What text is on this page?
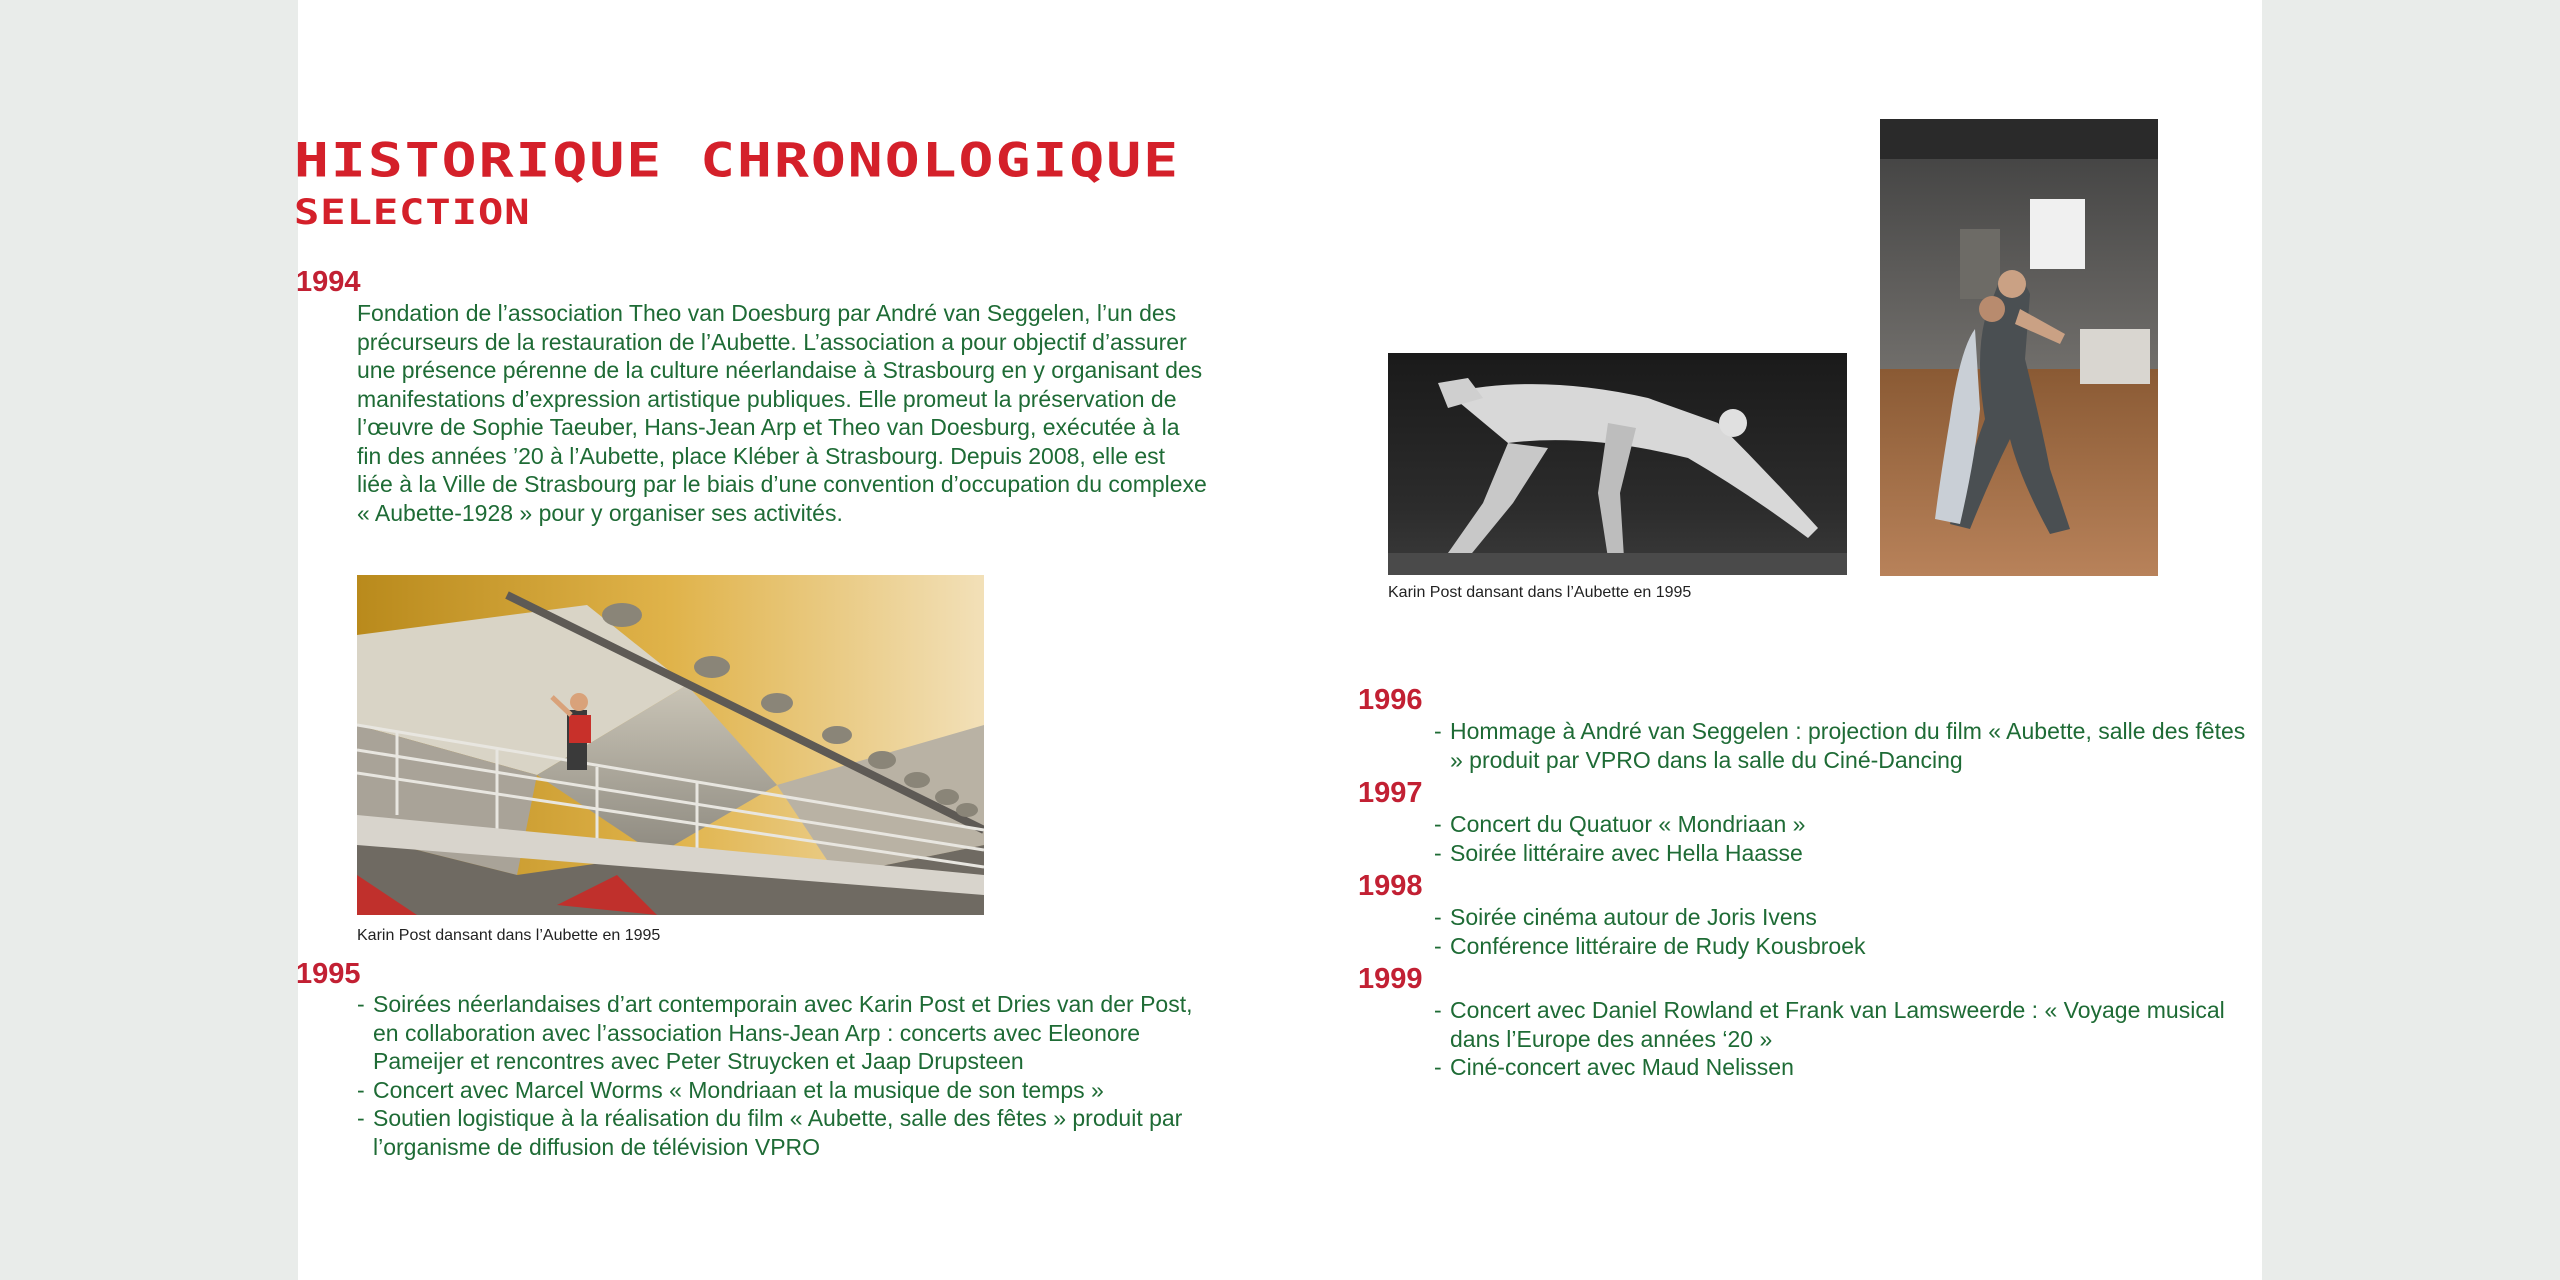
HISTORIQUE CHRONOLOGIQUE
SELECTION
1994
Fondation de l’association Theo van Doesburg par André van Seggelen, l’un des précurseurs de la restauration de l’Aubette. L’association a pour objectif d’assurer une présence pérenne de la culture néerlandaise à Strasbourg en y organisant des manifestations d’expression artistique publiques. Elle promeut la préservation de l’œuvre de Sophie Taeuber, Hans-Jean Arp et Theo van Doesburg, exécutée à la fin des années ’20 à l’Aubette, place Kléber à Strasbourg. Depuis 2008, elle est liée à la Ville de Strasbourg par le biais d’une convention d’occupation du complexe « Aubette-1928 » pour y organiser ses activités.
Karin Post dansant dans l’Aubette en 1995
1995
- Soirées néerlandaises d’art contemporain avec Karin Post et Dries van der Post, en collaboration avec l’association Hans-Jean Arp : concerts avec Eleonore Pameijer et rencontres avec Peter Struycken et Jaap Drupsteen
- Concert avec Marcel Worms « Mondriaan et la musique de son temps »
- Soutien logistique à la réalisation du film « Aubette, salle des fêtes » produit par l’organisme de diffusion de télévision VPRO
Karin Post dansant dans l’Aubette en 1995
1996
- Hommage à André van Seggelen : projection du film « Aubette, salle des fêtes » produit par VPRO dans la salle du Ciné-Dancing
1997
- Concert du Quatuor « Mondriaan »
- Soirée littéraire avec Hella Haasse
1998
- Soirée cinéma autour de Joris Ivens
- Conférence littéraire de Rudy Kousbroek
1999
- Concert avec Daniel Rowland et Frank van Lamsweerde : « Voyage musical dans l’Europe des années ‘20 »
- Ciné-concert avec Maud Nelissen
